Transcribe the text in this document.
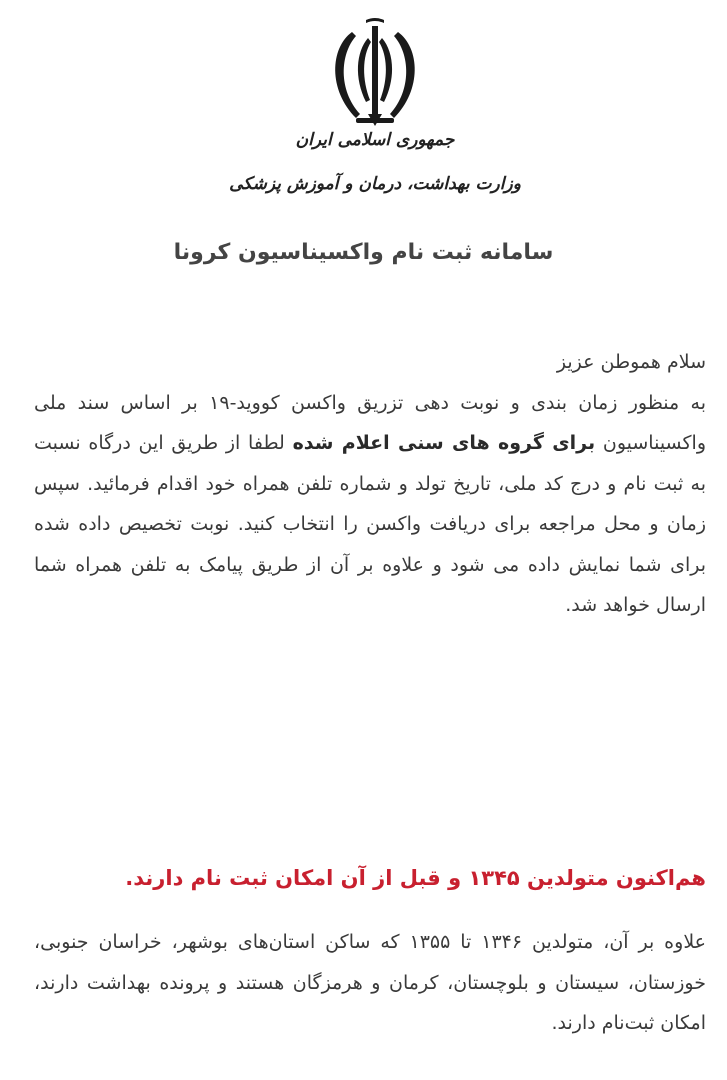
جمهوری اسلامی ایران
وزارت بهداشت، درمان و آموزش پزشکی
سامانه ثبت نام واکسیناسیون کرونا
سلام هموطن عزیز
به منظور زمان بندی و نوبت دهی تزریق واکسن کووید-۱۹ بر اساس سند ملی واکسیناسیون برای گروه های سنی اعلام شده لطفا از طریق این درگاه نسبت به ثبت نام و درج کد ملی، تاریخ تولد و شماره تلفن همراه خود اقدام فرمائید. سپس زمان و محل مراجعه برای دریافت واکسن را انتخاب کنید. نوبت تخصیص داده شده برای شما نمایش داده می شود و علاوه بر آن از طریق پیامک به تلفن همراه شما ارسال خواهد شد.
هم‌اکنون متولدین ۱۳۴۵ و قبل از آن امکان ثبت نام دارند.
علاوه بر آن، متولدین ۱۳۴۶ تا ۱۳۵۵ که ساکن استان‌های بوشهر، خراسان جنوبی، خوزستان، سیستان و بلوچستان، کرمان و هرمزگان هستند و پرونده بهداشت دارند، امکان ثبت‌نام دارند.
